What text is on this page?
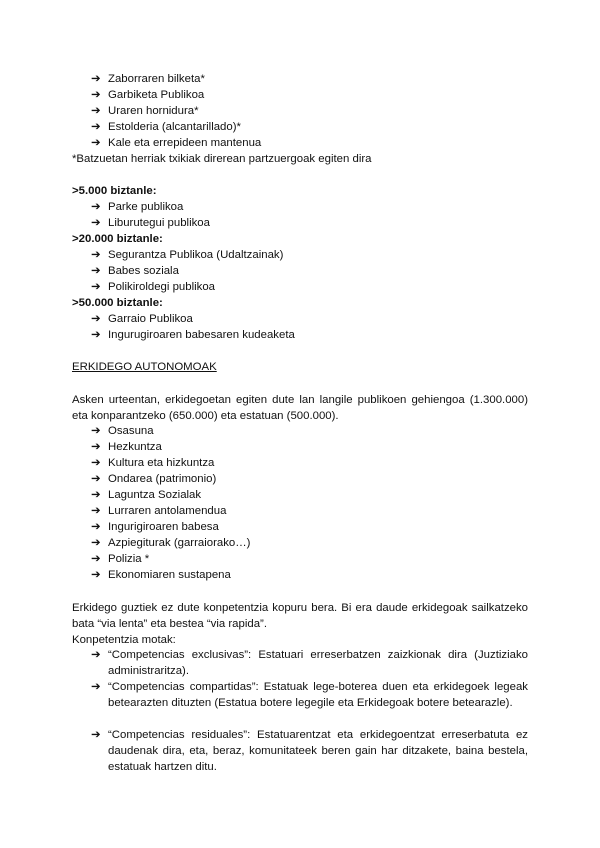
➔ Zaborraren bilketa*
➔ Garbiketa Publikoa
➔ Uraren hornidura*
➔ Estolderia (alcantarillado)*
➔ Kale eta errepideen mantenua
*Batzuetan herriak txikiak direrean partzuergoak egiten dira
>5.000 biztanle:
➔ Parke publikoa
➔ Liburutegui publikoa
>20.000 biztanle:
➔ Segurantza Publikoa (Udaltzainak)
➔ Babes soziala
➔ Polikiroldegi publikoa
>50.000 biztanle:
➔ Garraio Publikoa
➔ Ingurugiroaren babesaren kudeaketa
ERKIDEGO AUTONOMOAK
Asken urteentan, erkidegoetan egiten dute lan langile publikoen gehiengoa (1.300.000) eta konparantzeko (650.000) eta estatuan (500.000).
➔ Osasuna
➔ Hezkuntza
➔ Kultura eta hizkuntza
➔ Ondarea (patrimonio)
➔ Laguntza Sozialak
➔ Lurraren antolamendua
➔ Ingurigiroaren babesa
➔ Azpiegiturak (garraiorako…)
➔ Polizia *
➔ Ekonomiaren sustapena
Erkidego guztiek ez dute konpetentzia kopuru bera. Bi era daude erkidegoak sailkatzeko bata “via lenta” eta bestea “via rapida”.
Konpetentzia motak:
➔ “Competencias exclusivas”: Estatuari erreserbatzen zaizkionak dira (Juztiziako administraritza).
➔ “Competencias compartidas”: Estatuak lege-boterea duen eta erkidegoek legeak betearazten dituzten (Estatua botere legegile eta Erkidegoak botere betearazle).
➔ “Competencias residuales”: Estatuarentzat eta erkidegoentzat erreserbatuta ez daudenak dira, eta, beraz, komunitateek beren gain har ditzakete, baina bestela, estatuak hartzen ditu.
